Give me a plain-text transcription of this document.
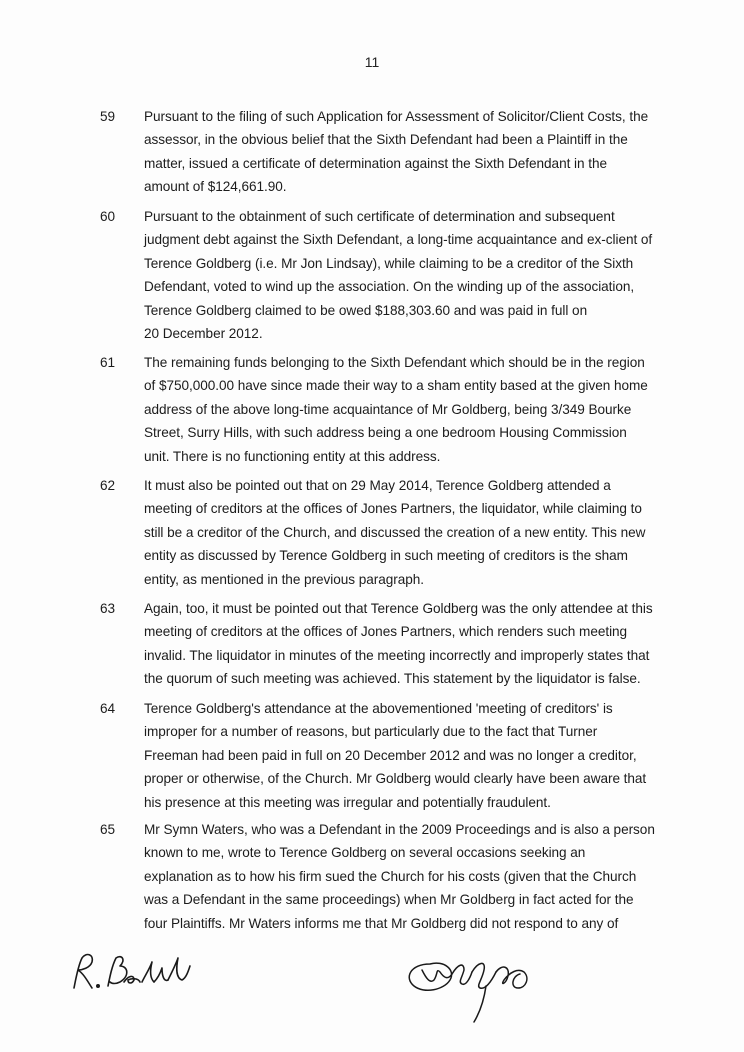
11
59	Pursuant to the filing of such Application for Assessment of Solicitor/Client Costs, the
assessor, in the obvious belief that the Sixth Defendant had been a Plaintiff in the
matter, issued a certificate of determination against the Sixth Defendant in the
amount of $124,661.90.
60	Pursuant to the obtainment of such certificate of determination and subsequent
judgment debt against the Sixth Defendant, a long-time acquaintance and ex-client of
Terence Goldberg (i.e. Mr Jon Lindsay), while claiming to be a creditor of the Sixth
Defendant, voted to wind up the association. On the winding up of the association,
Terence Goldberg claimed to be owed $188,303.60 and was paid in full on
20 December 2012.
61	The remaining funds belonging to the Sixth Defendant which should be in the region
of $750,000.00 have since made their way to a sham entity based at the given home
address of the above long-time acquaintance of Mr Goldberg, being 3/349 Bourke
Street, Surry Hills, with such address being a one bedroom Housing Commission
unit. There is no functioning entity at this address.
62	It must also be pointed out that on 29 May 2014, Terence Goldberg attended a
meeting of creditors at the offices of Jones Partners, the liquidator, while claiming to
still be a creditor of the Church, and discussed the creation of a new entity. This new
entity as discussed by Terence Goldberg in such meeting of creditors is the sham
entity, as mentioned in the previous paragraph.
63	Again, too, it must be pointed out that Terence Goldberg was the only attendee at this
meeting of creditors at the offices of Jones Partners, which renders such meeting
invalid. The liquidator in minutes of the meeting incorrectly and improperly states that
the quorum of such meeting was achieved. This statement by the liquidator is false.
64	Terence Goldberg's attendance at the abovementioned 'meeting of creditors' is
improper for a number of reasons, but particularly due to the fact that Turner
Freeman had been paid in full on 20 December 2012 and was no longer a creditor,
proper or otherwise, of the Church. Mr Goldberg would clearly have been aware that
his presence at this meeting was irregular and potentially fraudulent.
65	Mr Symn Waters, who was a Defendant in the 2009 Proceedings and is also a person
known to me, wrote to Terence Goldberg on several occasions seeking an
explanation as to how his firm sued the Church for his costs (given that the Church
was a Defendant in the same proceedings) when Mr Goldberg in fact acted for the
four Plaintiffs. Mr Waters informs me that Mr Goldberg did not respond to any of
